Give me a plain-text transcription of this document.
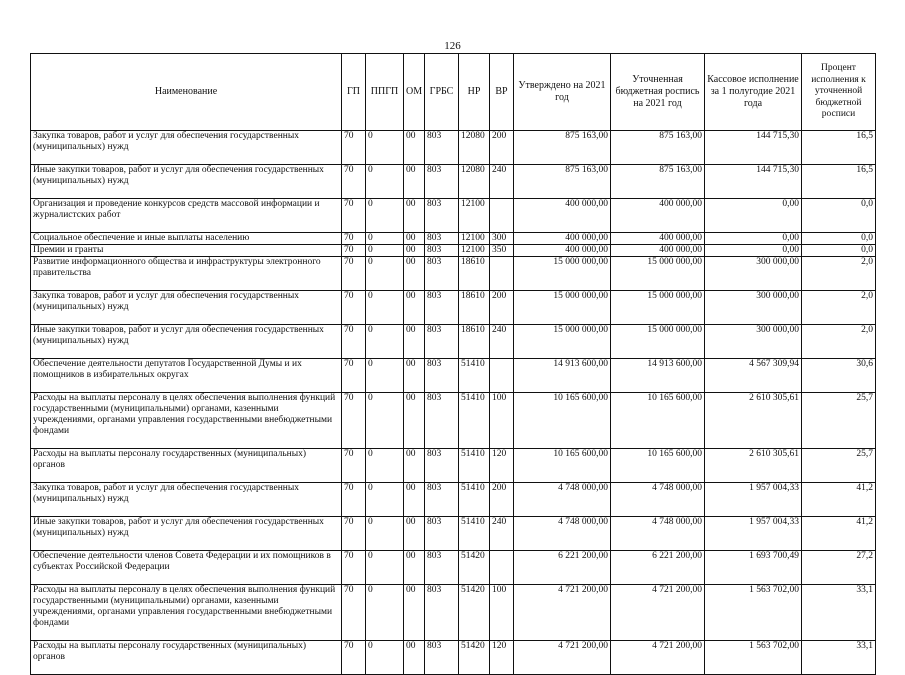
126
Наименование	ГП	ППГП	ОМ	ГРБС	НР	ВР	Утверждено на 2021 год	Уточненная бюджетная роспись на 2021 год	Кассовое исполнение за 1 полугодие 2021 года	Процент исполнения к уточненной бюджетной росписи
Закупка товаров, работ и услуг для обеспечения государственных (муниципальных) нужд	70	0	00	803	12080	200	875 163,00	875 163,00	144 715,30	16,5
Иные закупки товаров, работ и услуг для обеспечения государственных (муниципальных) нужд	70	0	00	803	12080	240	875 163,00	875 163,00	144 715,30	16,5
Организация и проведение конкурсов средств массовой информации и журналистских работ	70	0	00	803	12100		400 000,00	400 000,00	0,00	0,0
Социальное обеспечение и иные выплаты населению	70	0	00	803	12100	300	400 000,00	400 000,00	0,00	0,0
Премии и гранты	70	0	00	803	12100	350	400 000,00	400 000,00	0,00	0,0
Развитие информационного общества и инфраструктуры электронного правительства	70	0	00	803	18610		15 000 000,00	15 000 000,00	300 000,00	2,0
Закупка товаров, работ и услуг для обеспечения государственных (муниципальных) нужд	70	0	00	803	18610	200	15 000 000,00	15 000 000,00	300 000,00	2,0
Иные закупки товаров, работ и услуг для обеспечения государственных (муниципальных) нужд	70	0	00	803	18610	240	15 000 000,00	15 000 000,00	300 000,00	2,0
Обеспечение деятельности депутатов Государственной Думы и их помощников в избирательных округах	70	0	00	803	51410		14 913 600,00	14 913 600,00	4 567 309,94	30,6
Расходы на выплаты персоналу в целях обеспечения выполнения функций государственными (муниципальными) органами, казенными учреждениями, органами управления государственными внебюджетными фондами	70	0	00	803	51410	100	10 165 600,00	10 165 600,00	2 610 305,61	25,7
Расходы на выплаты персоналу государственных (муниципальных) органов	70	0	00	803	51410	120	10 165 600,00	10 165 600,00	2 610 305,61	25,7
Закупка товаров, работ и услуг для обеспечения государственных (муниципальных) нужд	70	0	00	803	51410	200	4 748 000,00	4 748 000,00	1 957 004,33	41,2
Иные закупки товаров, работ и услуг для обеспечения государственных (муниципальных) нужд	70	0	00	803	51410	240	4 748 000,00	4 748 000,00	1 957 004,33	41,2
Обеспечение деятельности членов Совета Федерации и их помощников в субъектах Российской Федерации	70	0	00	803	51420		6 221 200,00	6 221 200,00	1 693 700,49	27,2
Расходы на выплаты персоналу в целях обеспечения выполнения функций государственными (муниципальными) органами, казенными учреждениями, органами управления государственными внебюджетными фондами	70	0	00	803	51420	100	4 721 200,00	4 721 200,00	1 563 702,00	33,1
Расходы на выплаты персоналу государственных (муниципальных) органов	70	0	00	803	51420	120	4 721 200,00	4 721 200,00	1 563 702,00	33,1
